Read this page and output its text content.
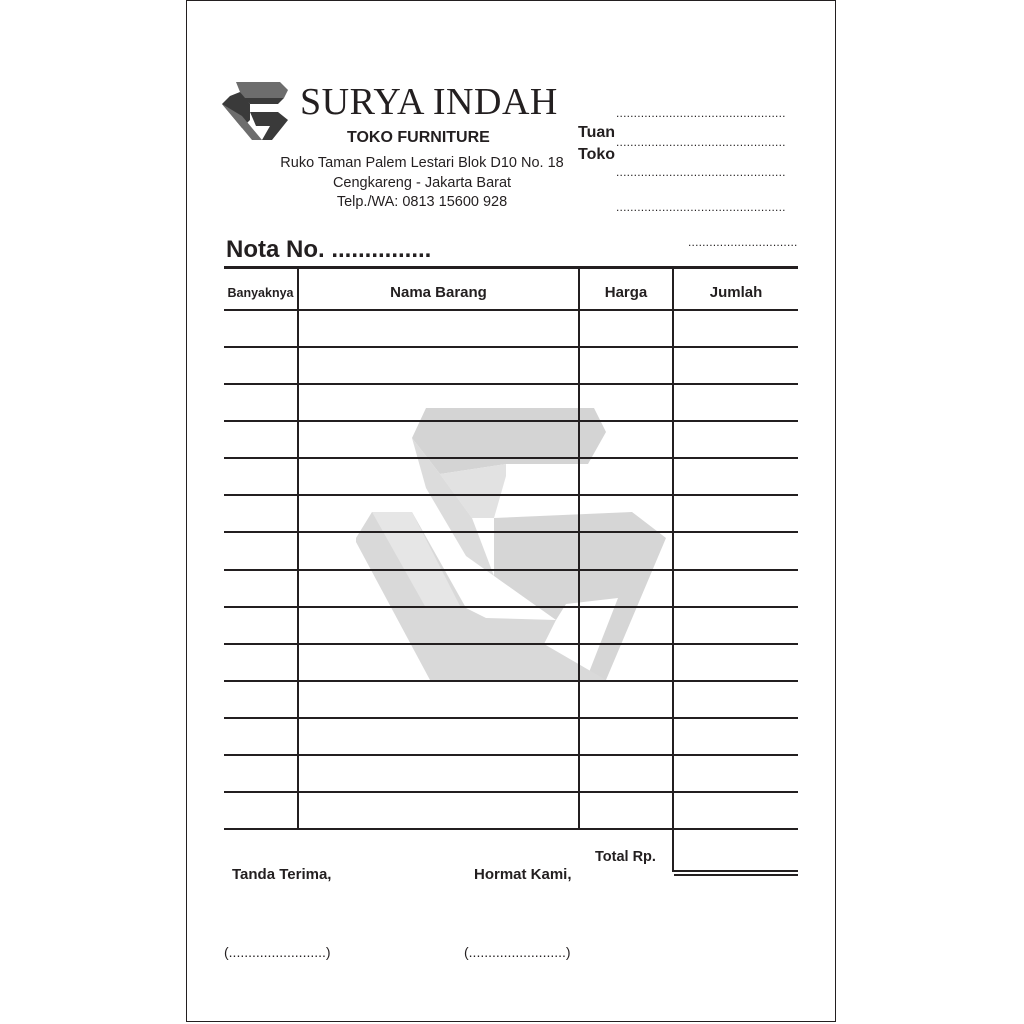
SURYA INDAH
TOKO FURNITURE
Ruko Taman Palem Lestari Blok D10 No. 18
Cengkareng - Jakarta Barat
Telp./WA: 0813 15600 928
................................................
Tuan
................................................
Toko
................................................
................................................
...............................
Nota No. ...............
Banyaknya	Nama Barang	Harga	Jumlah
Total Rp.
Tanda Terima,	Hormat Kami,
(.........................)	(.........................)
